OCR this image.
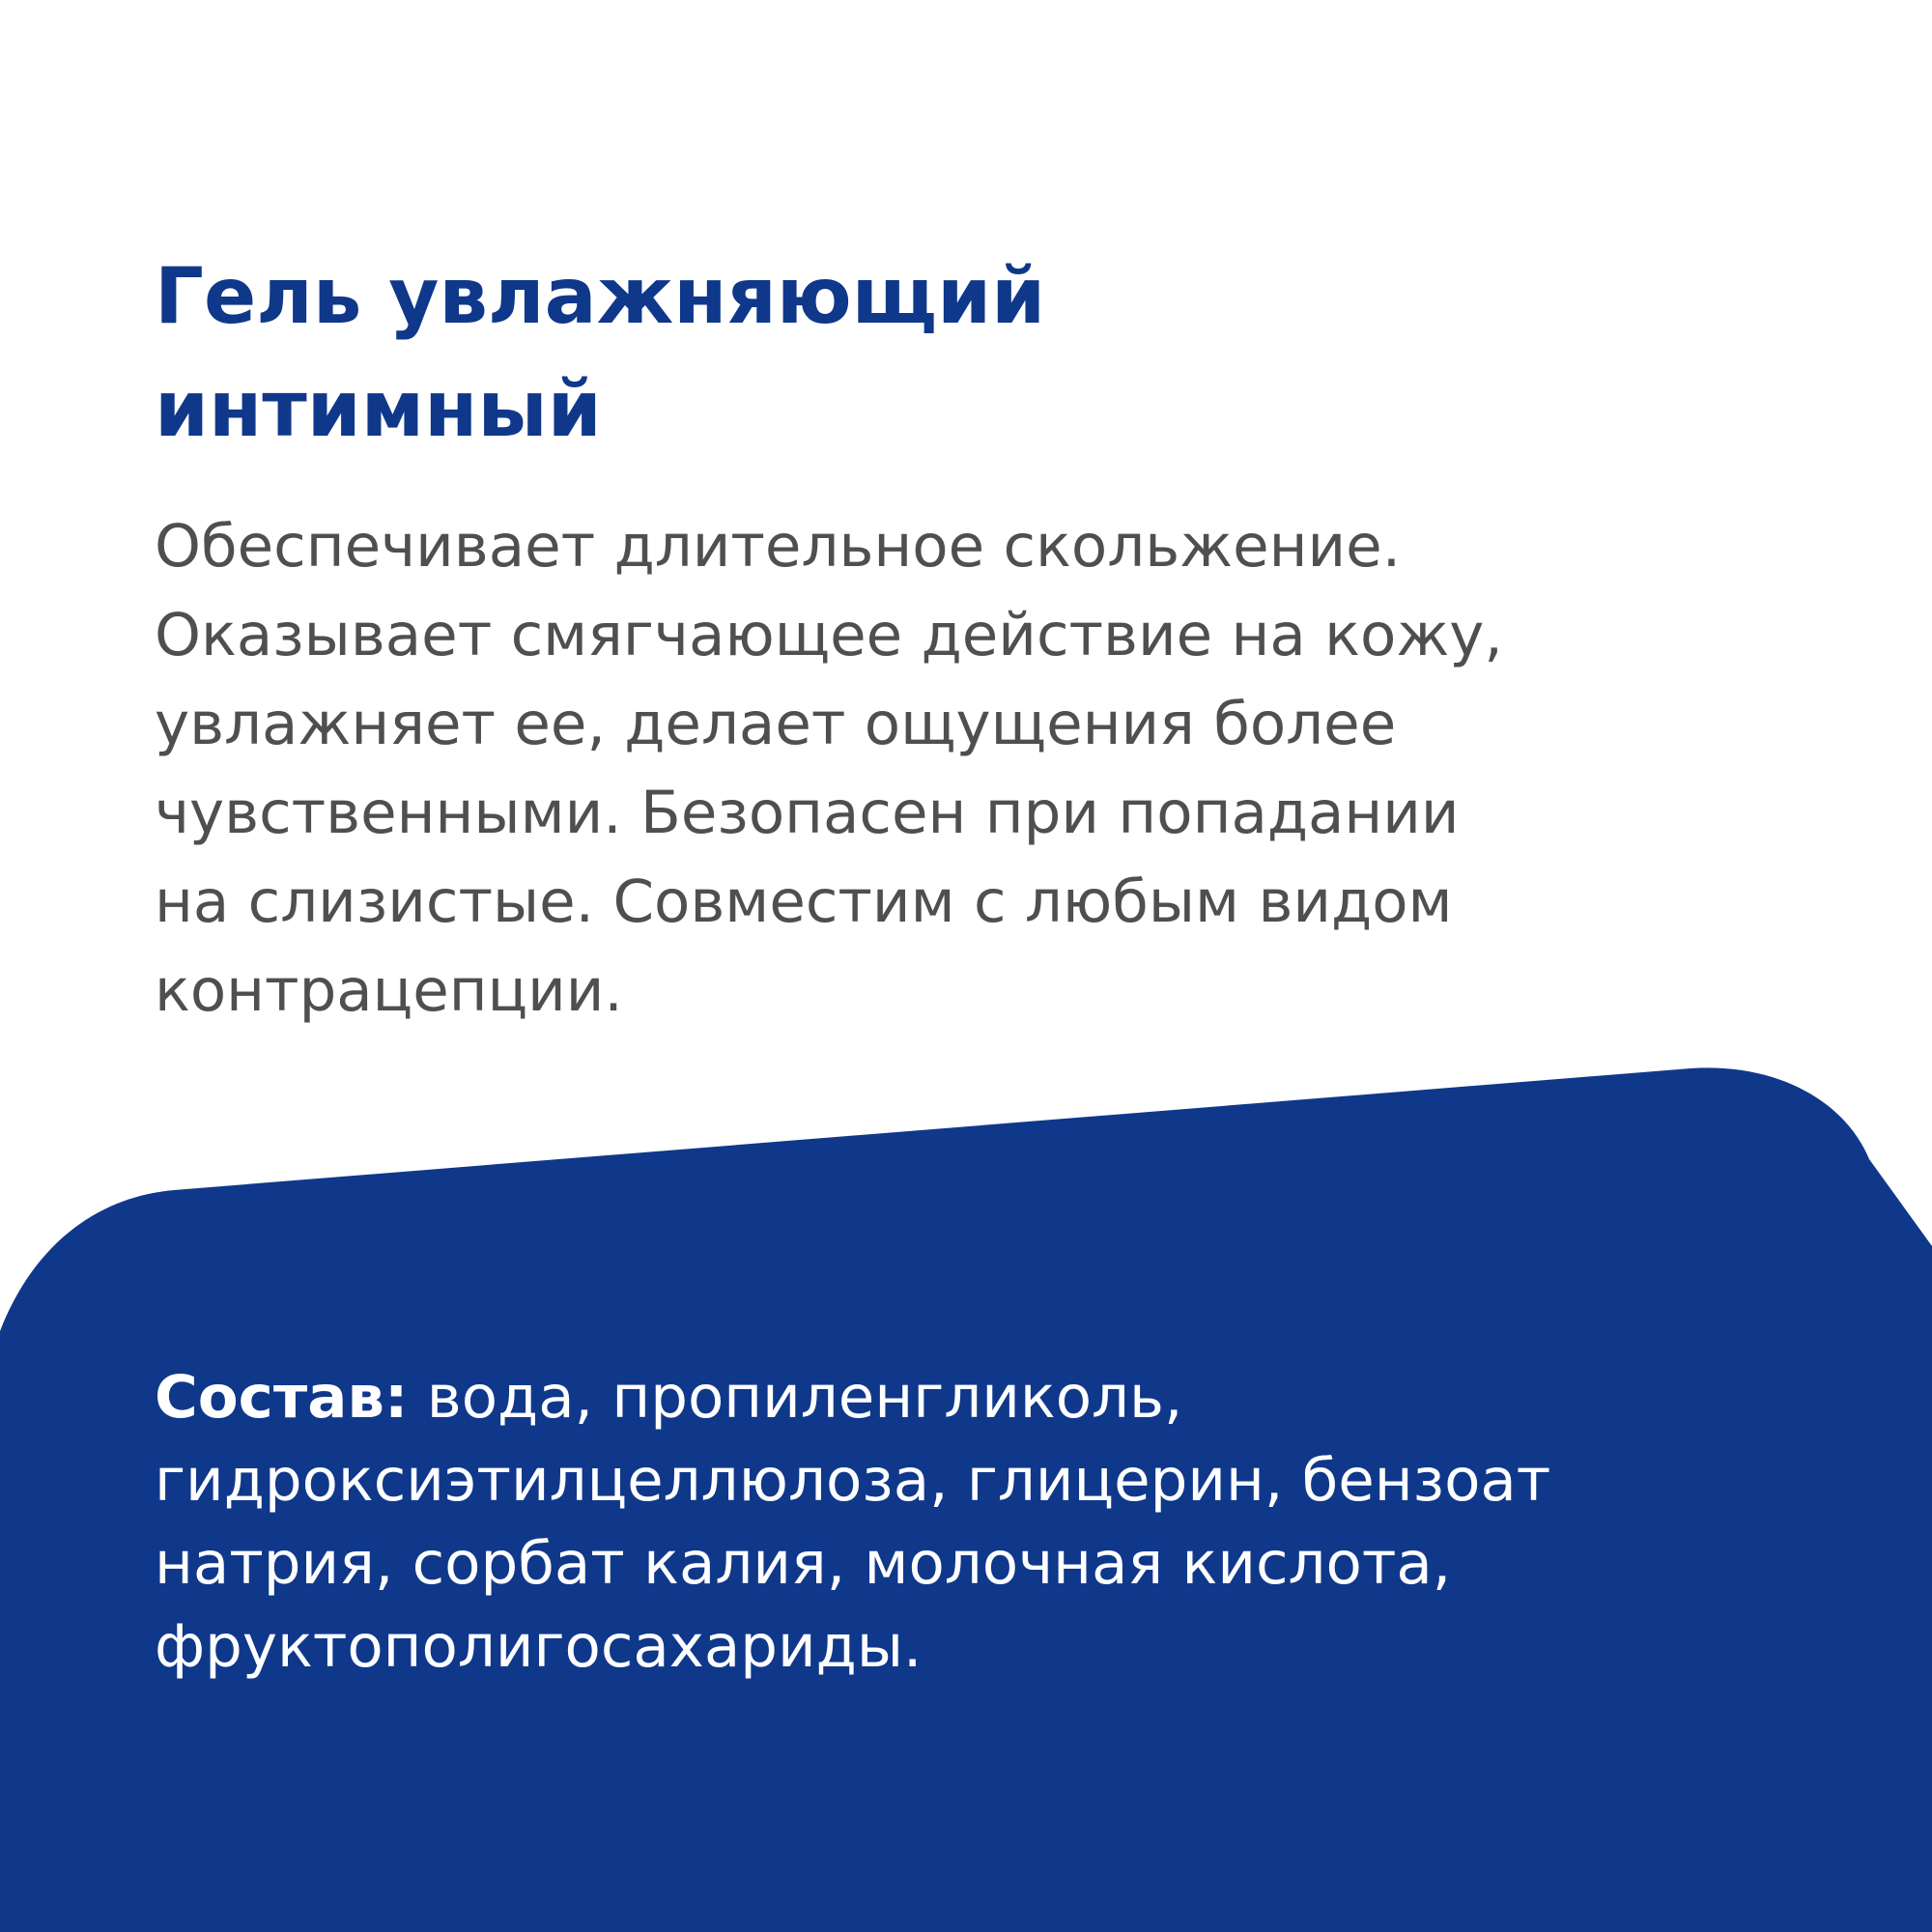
Гель увлажняющий
интимный

Обеспечивает длительное скольжение.
Оказывает смягчающее действие на кожу,
увлажняет ее, делает ощущения более
чувственными. Безопасен при попадании
на слизистые. Совместим с любым видом
контрацепции.

Состав: вода, пропиленгликоль,
гидроксиэтилцеллюлоза, глицерин, бензоат
натрия, сорбат калия, молочная кислота,
фруктополигосахариды.
